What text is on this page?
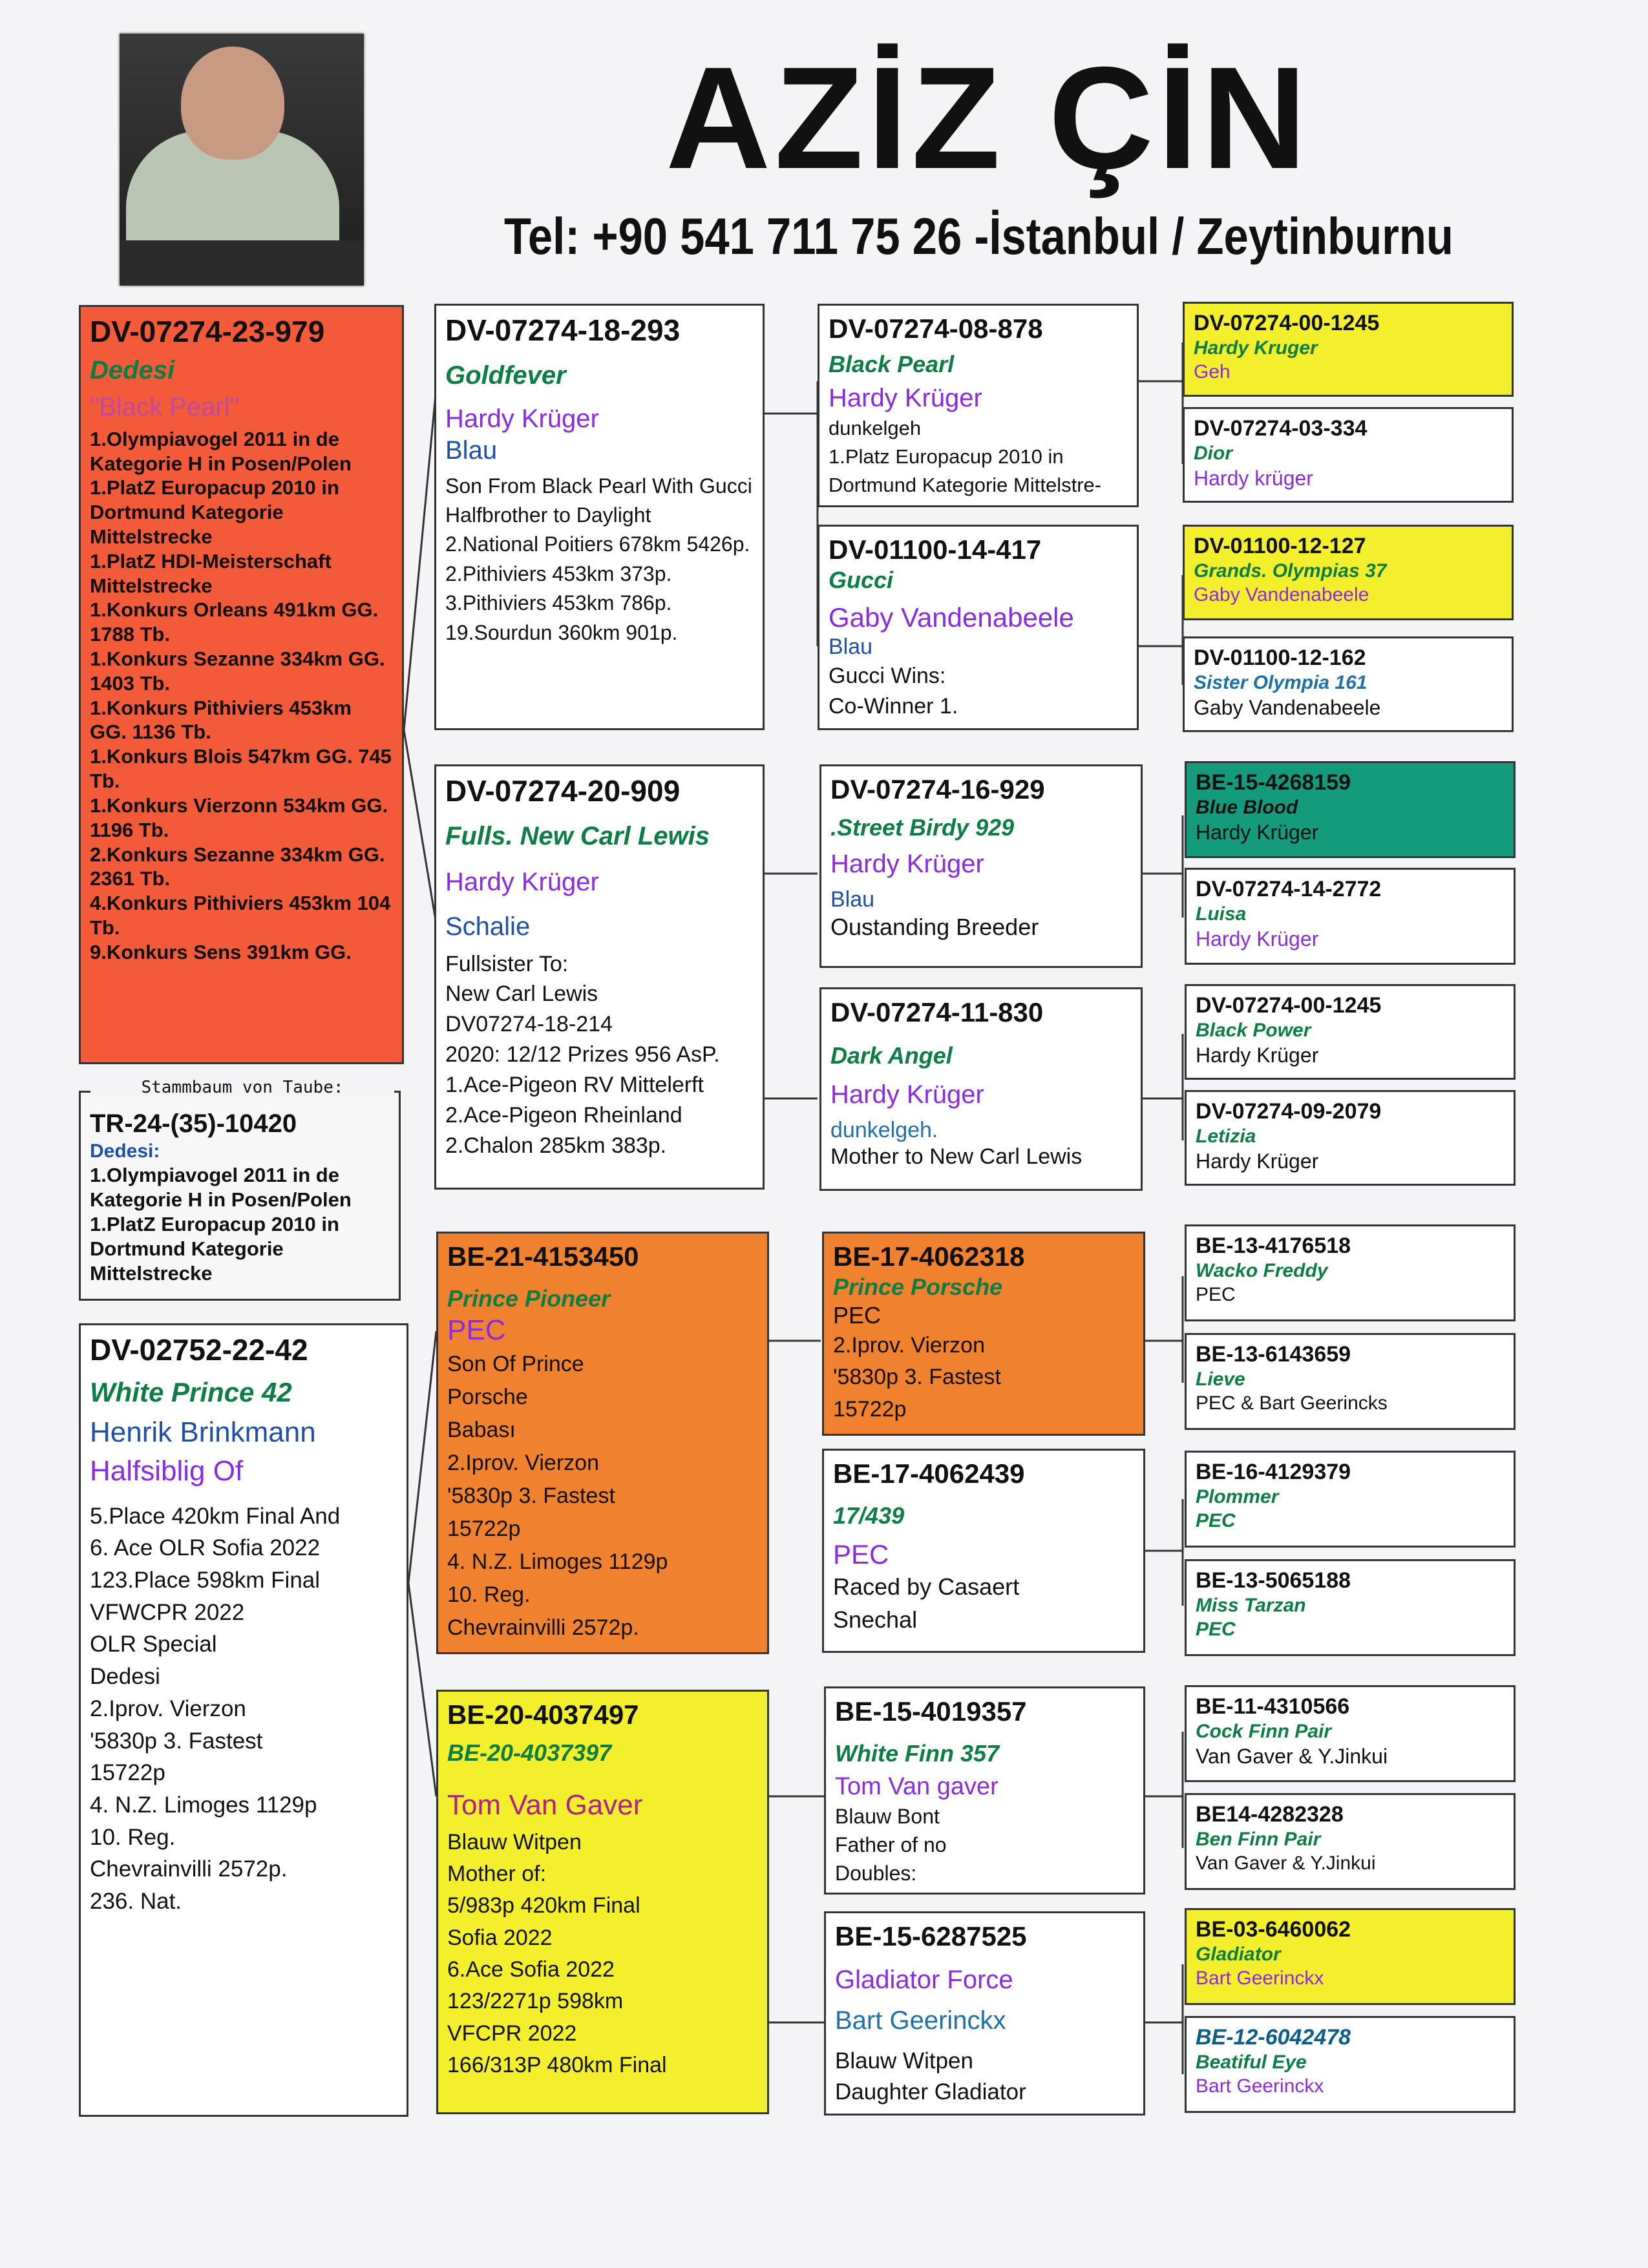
AZİZ ÇİN
Tel: +90 541 711 75 26 -İstanbul / Zeytinburnu
DV-07274-23-979
Dedesi
"Black Pearl"
1.Olympiavogel 2011 in de Kategorie H in Posen/Polen
1.PlatZ Europacup 2010 in Dortmund Kategorie Mittelstrecke
1.PlatZ HDI-Meisterschaft Mittelstrecke
1.Konkurs Orleans 491km GG. 1788 Tb.
1.Konkurs Sezanne 334km GG.
1403 Tb.
1.Konkurs Pithiviers 453km GG. 1136 Tb.
1.Konkurs Blois 547km GG. 745 Tb.
1.Konkurs Vierzonn 534km GG. 1196 Tb.
2.Konkurs Sezanne 334km GG. 2361 Tb.
4.Konkurs Pithiviers 453km 104 Tb.
9.Konkurs Sens 391km GG.
TR-24-(35)-10420
Dedesi:
1.Olympiavogel 2011 in de Kategorie H in Posen/Polen
1.PlatZ Europacup 2010 in Dortmund Kategorie Mittelstrecke
Stammbaum von Taube:
DV-02752-22-42
White Prince 42
Henrik Brinkmann
Halfsiblig Of
5.Place 420km Final And
6. Ace OLR Sofia 2022
123.Place 598km Final
VFWCPR 2022
OLR Special
Dedesi
2.Iprov. Vierzon
'5830p 3. Fastest
15722p
4. N.Z. Limoges 1129p
10. Reg.
Chevrainvilli 2572p.
236. Nat.
DV-07274-18-293
Goldfever
Hardy Krüger
Blau
Son From Black Pearl With Gucci
Halfbrother to Daylight
2.National Poitiers 678km 5426p.
2.Pithiviers 453km 373p.
3.Pithiviers 453km 786p.
19.Sourdun 360km 901p.
DV-07274-20-909
Fulls. New Carl Lewis
Hardy Krüger
Schalie
Fullsister To:
New Carl Lewis
DV07274-18-214
2020: 12/12 Prizes 956 AsP.
1.Ace-Pigeon RV Mittelerft
2.Ace-Pigeon Rheinland
2.Chalon 285km 383p.
BE-21-4153450
Prince Pioneer
PEC
Son Of Prince
Porsche
Babası
2.Iprov. Vierzon
'5830p 3. Fastest
15722p
4. N.Z. Limoges 1129p
10. Reg.
Chevrainvilli 2572p.
BE-20-4037497
BE-20-4037397
Tom Van Gaver
Blauw Witpen
Mother of:
5/983p 420km Final
Sofia 2022
6.Ace Sofia 2022
123/2271p 598km
VFCPR 2022
166/313P 480km Final
DV-07274-08-878
Black Pearl
Hardy Krüger
dunkelgeh
1.Platz Europacup 2010 in
Dortmund Kategorie Mittelstre-
DV-01100-14-417
Gucci
Gaby Vandenabeele
Blau
Gucci Wins:
Co-Winner 1.
DV-07274-16-929
.Street Birdy 929
Hardy Krüger
Blau
Oustanding Breeder
DV-07274-11-830
Dark Angel
Hardy Krüger
dunkelgeh.
Mother to New Carl Lewis
BE-17-4062318
Prince Porsche
PEC
2.Iprov. Vierzon
'5830p 3. Fastest
15722p
BE-17-4062439
17/439
PEC
Raced by Casaert
Snechal
BE-15-4019357
White Finn 357
Tom Van gaver
Blauw Bont
Father of no
Doubles:
BE-15-6287525
Gladiator Force
Bart Geerinckx
Blauw Witpen
Daughter Gladiator
DV-07274-00-1245
Hardy Kruger
Geh
DV-07274-03-334
Dior
Hardy krüger
DV-01100-12-127
Grands. Olympias 37
Gaby Vandenabeele
DV-01100-12-162
Sister Olympia 161
Gaby Vandenabeele
BE-15-4268159
Blue Blood
Hardy Krüger
DV-07274-14-2772
Luisa
Hardy Krüger
DV-07274-00-1245
Black Power
Hardy Krüger
DV-07274-09-2079
Letizia
Hardy Krüger
BE-13-4176518
Wacko Freddy
PEC
BE-13-6143659
Lieve
PEC & Bart Geerincks
BE-16-4129379
Plommer
PEC
BE-13-5065188
Miss Tarzan
PEC
BE-11-4310566
Cock Finn Pair
Van Gaver & Y.Jinkui
BE14-4282328
Ben Finn Pair
Van Gaver & Y.Jinkui
BE-03-6460062
Gladiator
Bart Geerinckx
BE-12-6042478
Beatiful Eye
Bart Geerinckx
